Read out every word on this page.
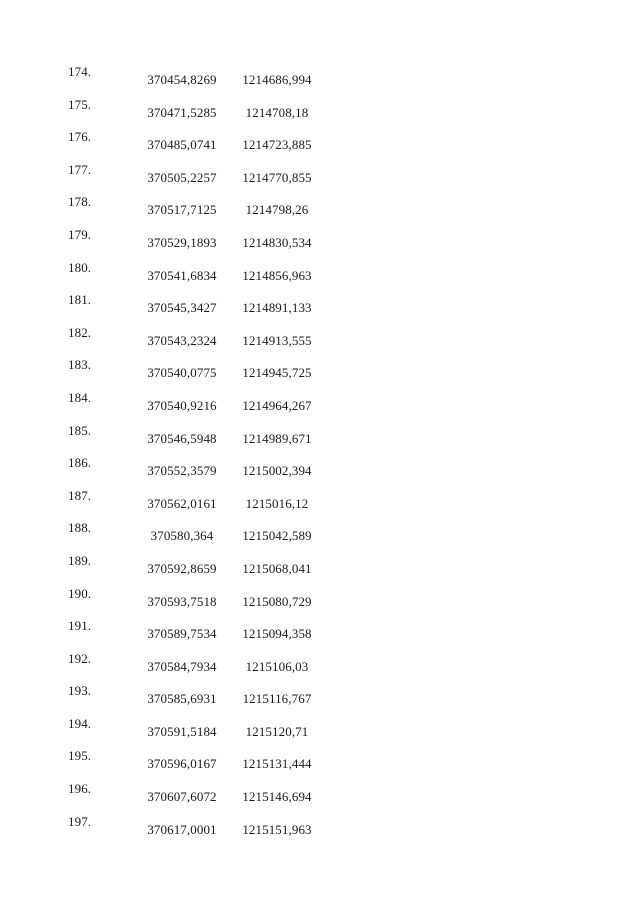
174.
370454,8269	1214686,994
175.
370471,5285	1214708,18
176.
370485,0741	1214723,885
177.
370505,2257	1214770,855
178.
370517,7125	1214798,26
179.
370529,1893	1214830,534
180.
370541,6834	1214856,963
181.
370545,3427	1214891,133
182.
370543,2324	1214913,555
183.
370540,0775	1214945,725
184.
370540,9216	1214964,267
185.
370546,5948	1214989,671
186.
370552,3579	1215002,394
187.
370562,0161	1215016,12
188.
370580,364	1215042,589
189.
370592,8659	1215068,041
190.
370593,7518	1215080,729
191.
370589,7534	1215094,358
192.
370584,7934	1215106,03
193.
370585,6931	1215116,767
194.
370591,5184	1215120,71
195.
370596,0167	1215131,444
196.
370607,6072	1215146,694
197.
370617,0001	1215151,963
